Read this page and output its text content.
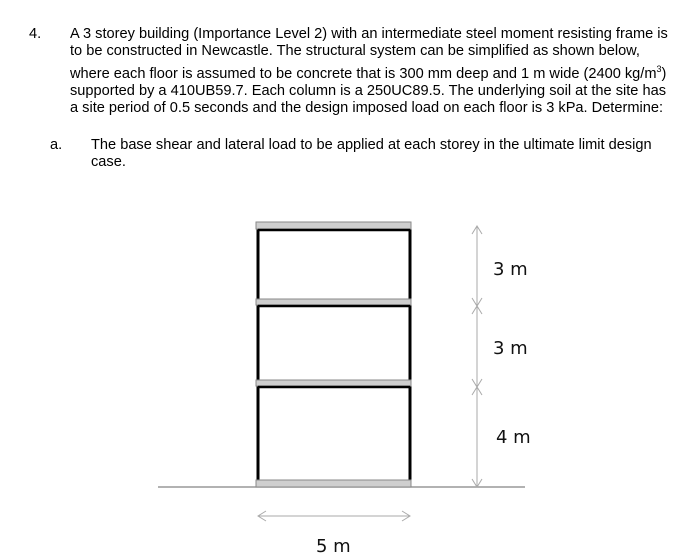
4. A 3 storey building (Importance Level 2) with an intermediate steel moment resisting frame is to be constructed in Newcastle. The structural system can be simplified as shown below, where each floor is assumed to be concrete that is 300 mm deep and 1 m wide (2400 $kg/m^3$) supported by a 410UB59.7. Each column is a 250UC89.5. The underlying soil at the site has a site period of 0.5 seconds and the design imposed load on each floor is 3 kPa. Determine:
a. The base shear and lateral load to be applied at each storey in the ultimate limit design case.
3 m
3 m
4 m
5 m
